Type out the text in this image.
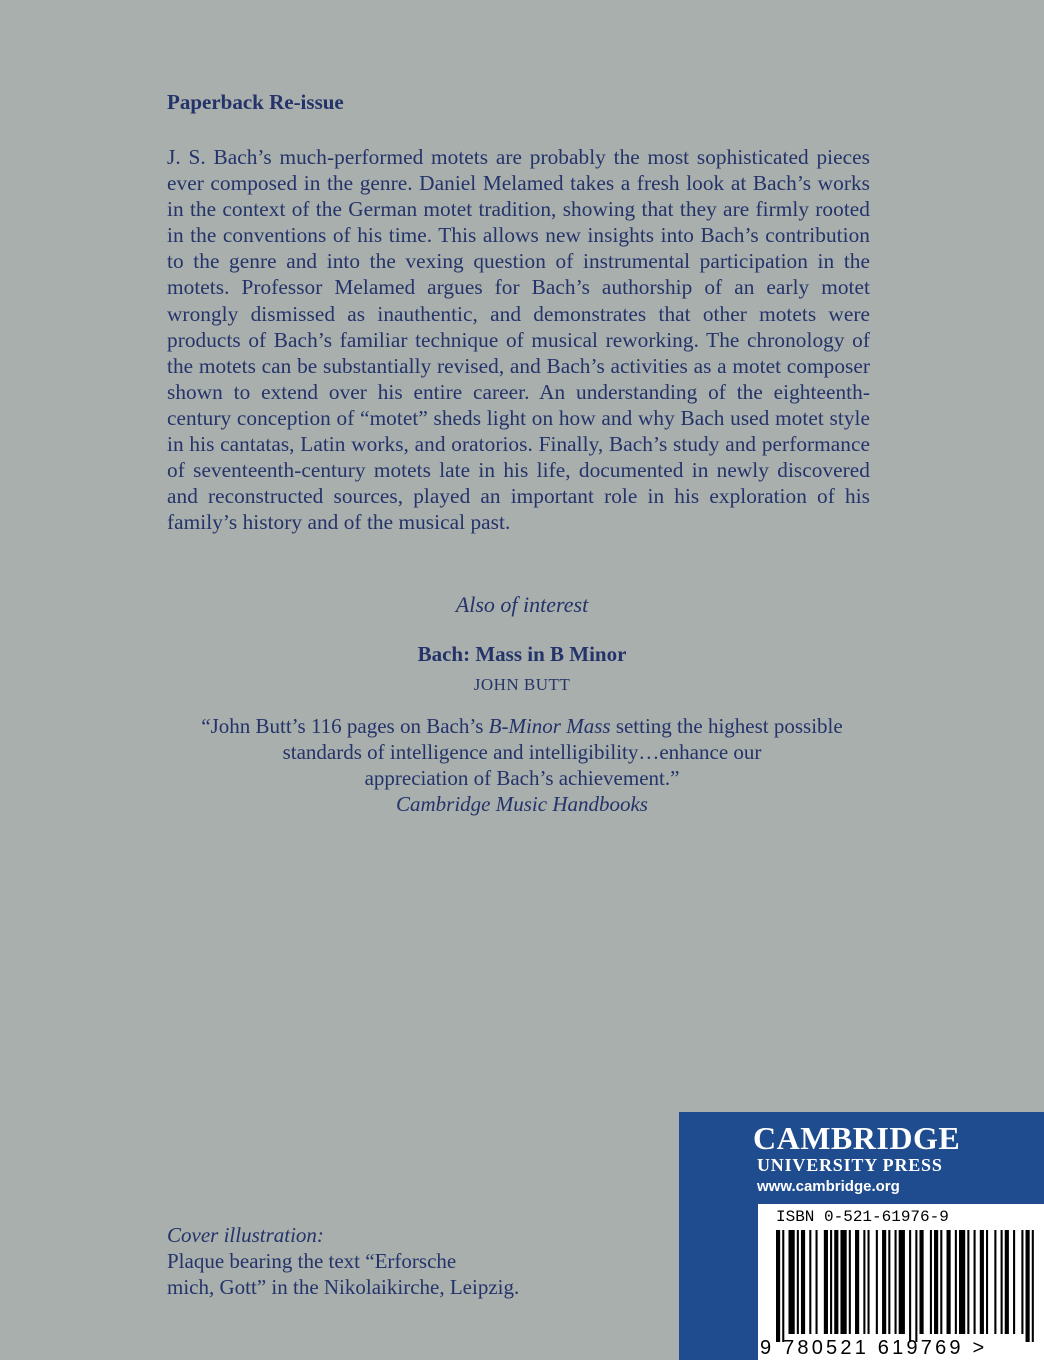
Paperback Re-issue

J. S. Bach’s much-performed motets are probably the most sophisticated pieces ever composed in the genre. Daniel Melamed takes a fresh look at Bach’s works in the context of the German motet tradition, showing that they are firmly rooted in the conventions of his time. This allows new insights into Bach’s contribution to the genre and into the vexing question of instrumental participation in the motets. Professor Melamed argues for Bach’s authorship of an early motet wrongly dismissed as inauthentic, and demonstrates that other motets were products of Bach’s familiar technique of musical reworking. The chronology of the motets can be substantially revised, and Bach’s activities as a motet composer shown to extend over his entire career. An understanding of the eighteenth-century conception of “motet” sheds light on how and why Bach used motet style in his cantatas, Latin works, and oratorios. Finally, Bach’s study and performance of seventeenth-century motets late in his life, documented in newly discovered and reconstructed sources, played an important role in his exploration of his family’s history and of the musical past.

Also of interest

Bach: Mass in B Minor

JOHN BUTT

“John Butt’s 116 pages on Bach’s B-Minor Mass setting the highest possible
standards of intelligence and intelligibility…enhance our
appreciation of Bach’s achievement.”

Cambridge Music Handbooks

Cover illustration:
Plaque bearing the text “Erforsche
mich, Gott” in the Nikolaikirche, Leipzig.
CAMBRIDGE
UNIVERSITY PRESS
www.cambridge.org
ISBN 0-521-61976-9
9 780521 619769 >
